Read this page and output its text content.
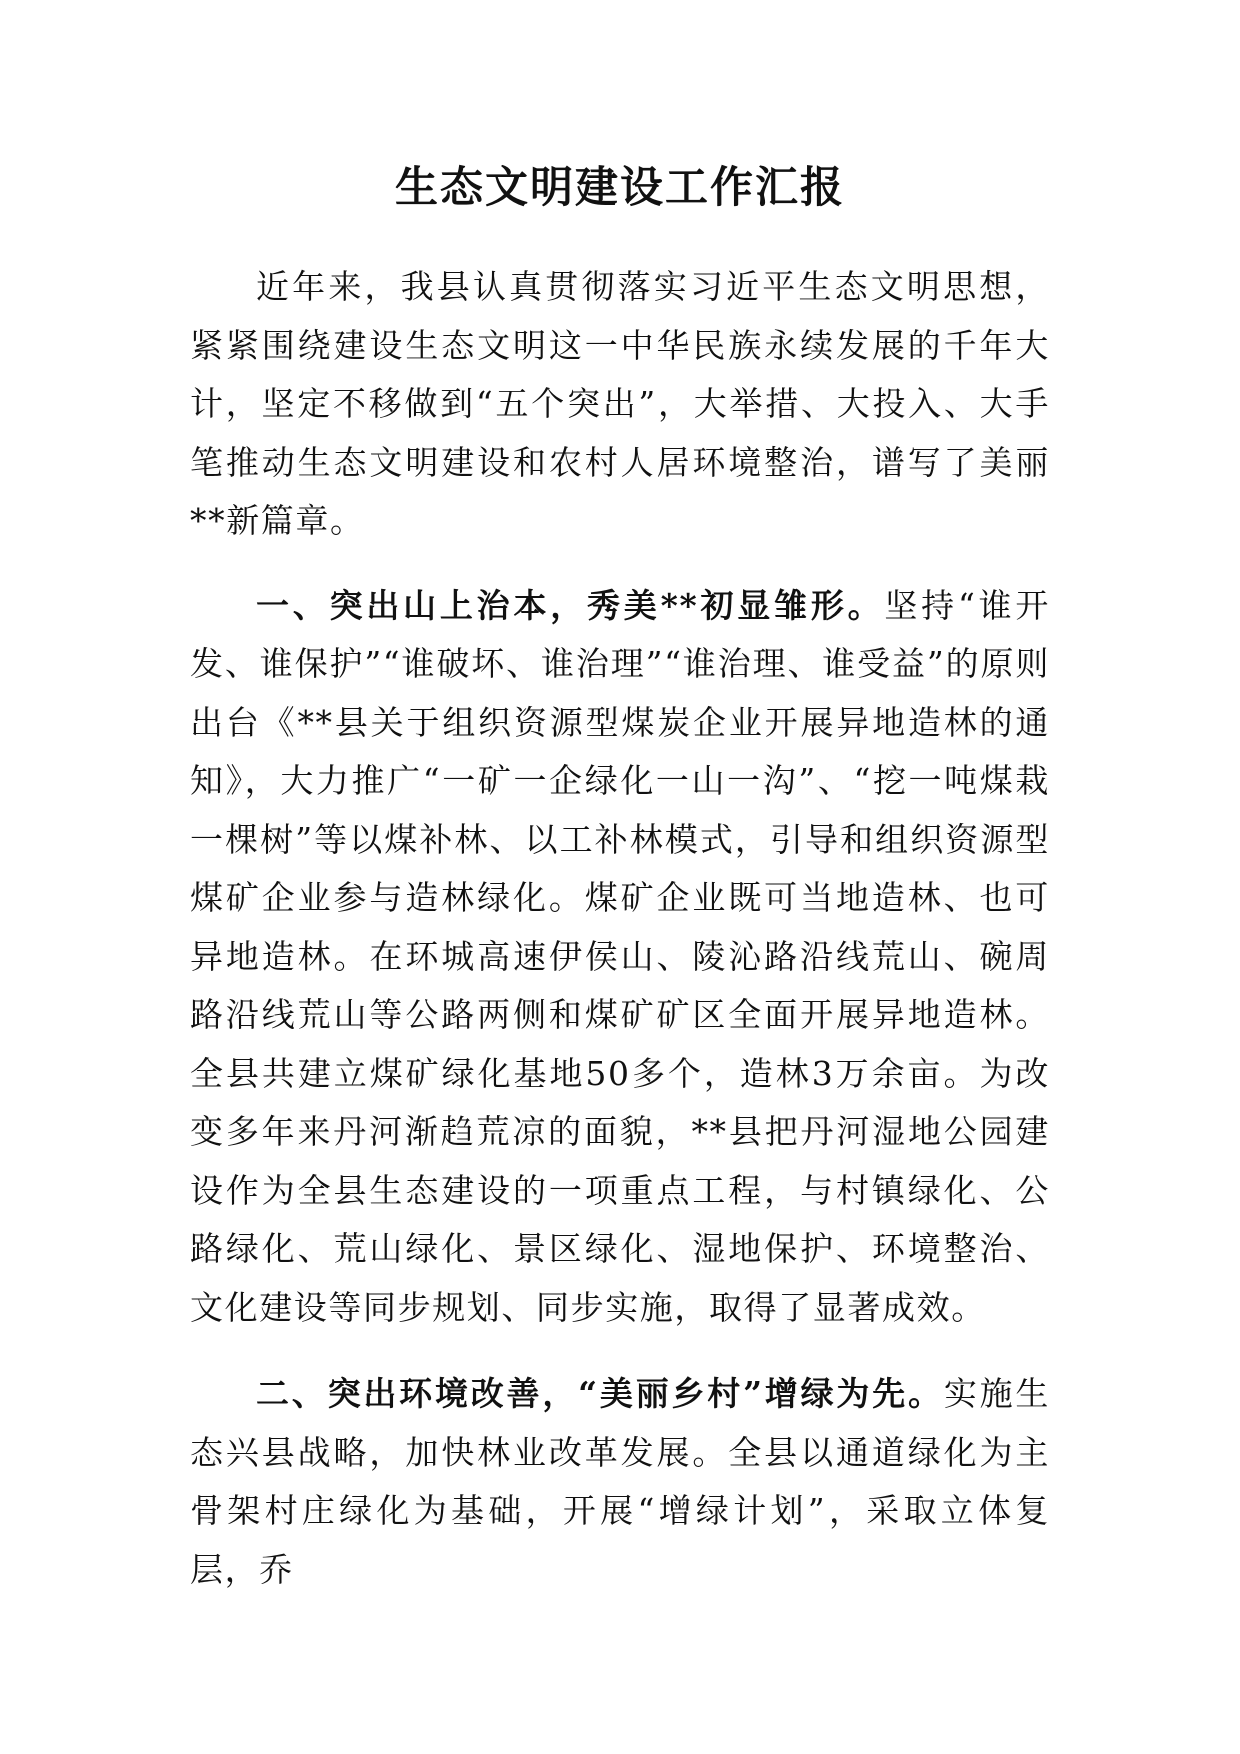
生态文明建设工作汇报

近年来，我县认真贯彻落实习近平生态文明思想，紧紧围绕建设生态文明这一中华民族永续发展的千年大计，坚定不移做到“五个突出”，大举措、大投入、大手笔推动生态文明建设和农村人居环境整治，谱写了美丽**新篇章。

一、突出山上治本，秀美**初显雏形。坚持“谁开发、谁保护”“谁破坏、谁治理”“谁治理、谁受益”的原则出台《**县关于组织资源型煤炭企业开展异地造林的通知》，大力推广“一矿一企绿化一山一沟”、“挖一吨煤栽一棵树”等以煤补林、以工补林模式，引导和组织资源型煤矿企业参与造林绿化。煤矿企业既可当地造林、也可异地造林。在环城高速伊侯山、陵沁路沿线荒山、碗周路沿线荒山等公路两侧和煤矿矿区全面开展异地造林。全县共建立煤矿绿化基地50多个，造林3万余亩。为改变多年来丹河渐趋荒凉的面貌，**县把丹河湿地公园建设作为全县生态建设的一项重点工程，与村镇绿化、公路绿化、荒山绿化、景区绿化、湿地保护、环境整治、文化建设等同步规划、同步实施，取得了显著成效。

二、突出环境改善，“美丽乡村”增绿为先。实施生态兴县战略，加快林业改革发展。全县以通道绿化为主骨架村庄绿化为基础，开展“增绿计划”，采取立体复层，乔
